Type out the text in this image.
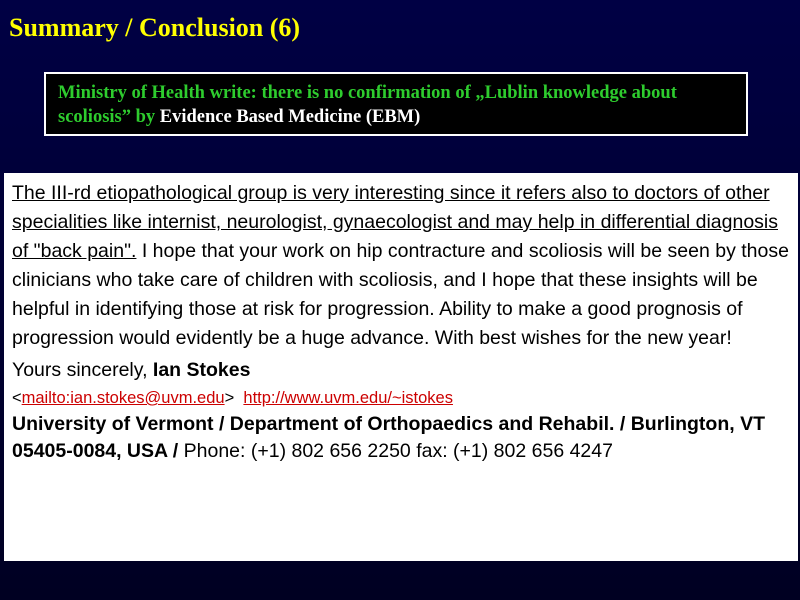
Summary / Conclusion (6)
Ministry of Health write: there is no confirmation of „Lublin knowledge about scoliosis” by Evidence Based Medicine (EBM)

The III-rd etiopathological group is very interesting since it refers also to doctors of other specialities like internist, neurologist, gynaecologist and may help in differential diagnosis of "back pain". I hope that your work on hip contracture and scoliosis will be seen by those clinicians who take care of children with scoliosis, and I hope that these insights will be helpful in identifying those at risk for progression. Ability to make a good prognosis of progression would evidently be a huge advance. With best wishes for the new year!

Yours sincerely, Ian Stokes

<mailto:ian.stokes@uvm.edu> http://www.uvm.edu/~istokes

University of Vermont / Department of Orthopaedics and Rehabil. / Burlington, VT 05405-0084, USA / Phone: (+1) 802 656 2250 fax: (+1) 802 656 4247
